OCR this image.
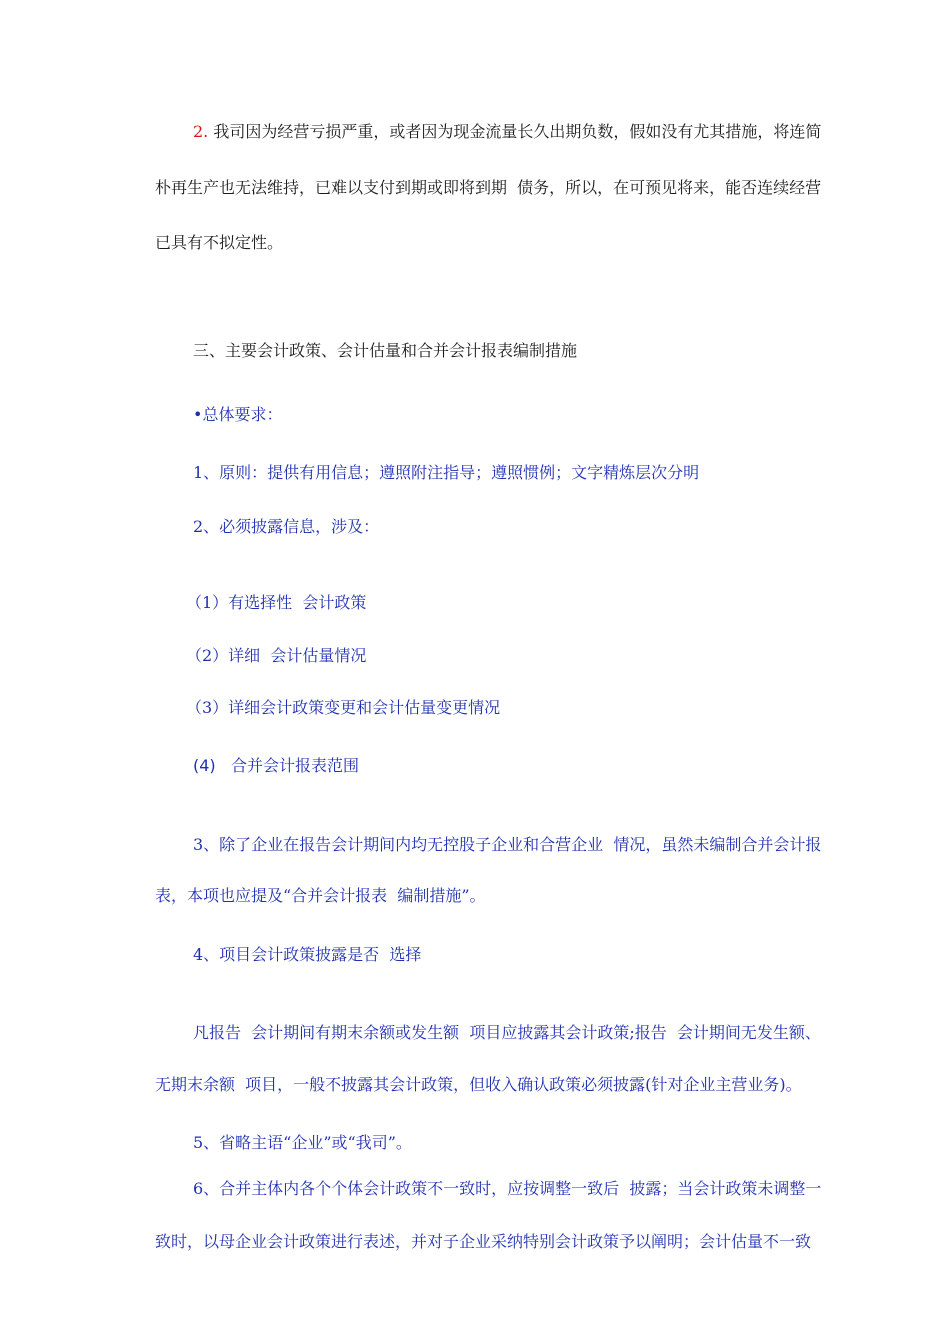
2. 我司因为经营亏损严重，或者因为现金流量长久出期负数，假如没有尤其措施，将连简

朴再生产也无法维持，已难以支付到期或即将到期  债务，所以，在可预见将来，能否连续经营

已具有不拟定性。

三、主要会计政策、会计估量和合并会计报表编制措施

•总体要求：

1、原则：提供有用信息；遵照附注指导；遵照惯例；文字精炼层次分明

2、必须披露信息，涉及：

（1）有选择性  会计政策

（2）详细  会计估量情况

（3）详细会计政策变更和会计估量变更情况

(4) 合并会计报表范围

3、除了企业在报告会计期间内均无控股子企业和合营企业  情况，虽然未编制合并会计报

表，本项也应提及“合并会计报表  编制措施”。

4、项目会计政策披露是否  选择

凡报告  会计期间有期末余额或发生额  项目应披露其会计政策;报告  会计期间无发生额、

无期末余额  项目，一般不披露其会计政策，但收入确认政策必须披露(针对企业主营业务)。

5、省略主语“企业”或“我司”。

6、合并主体内各个个体会计政策不一致时，应按调整一致后  披露；当会计政策未调整一

致时，以母企业会计政策进行表述，并对子企业采纳特别会计政策予以阐明；会计估量不一致
